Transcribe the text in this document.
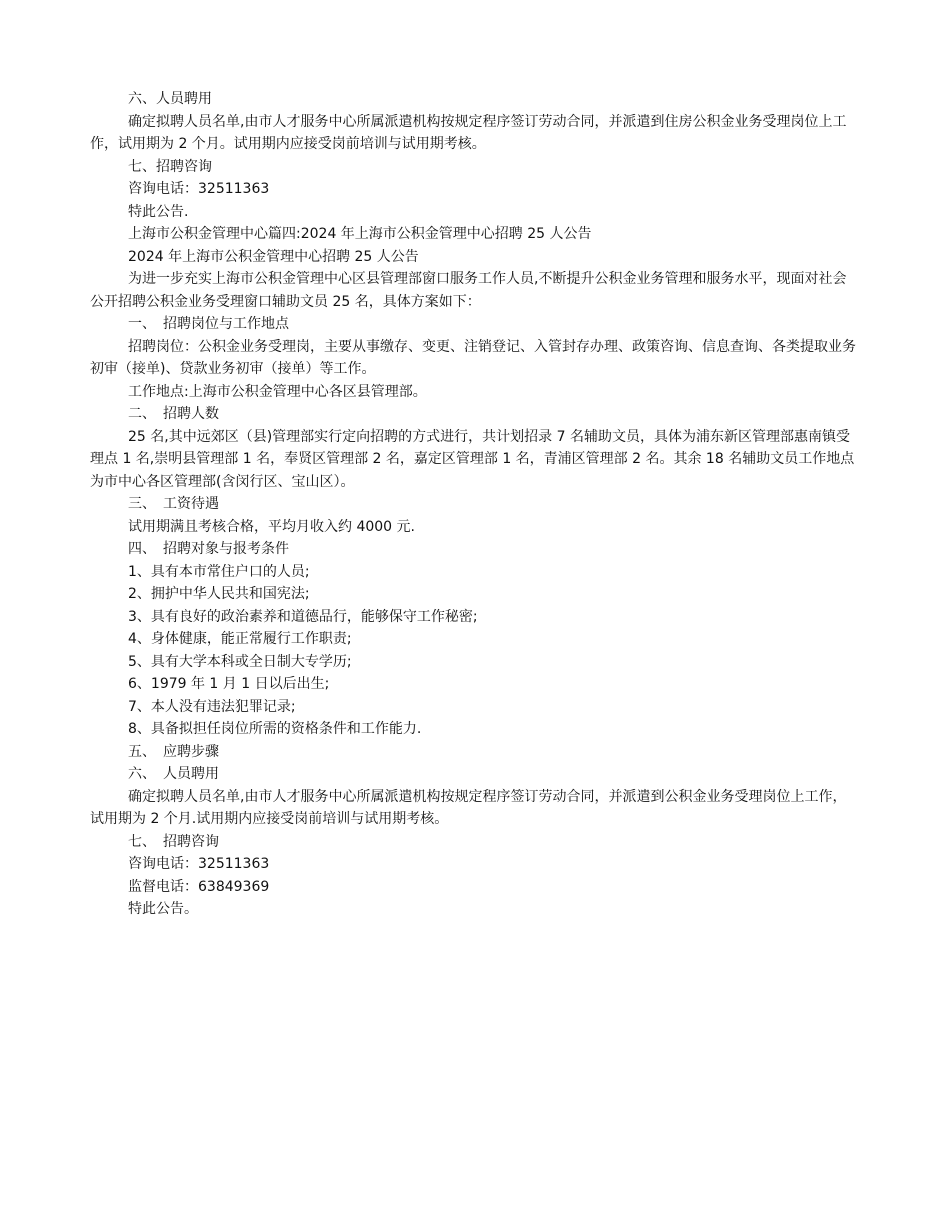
六、人员聘用

确定拟聘人员名单,由市人才服务中心所属派遣机构按规定程序签订劳动合同，并派遣到住房公积金业务受理岗位上工作，试用期为 2 个月。试用期内应接受岗前培训与试用期考核。

七、招聘咨询

咨询电话：32511363

特此公告.

上海市公积金管理中心篇四:2024 年上海市公积金管理中心招聘 25 人公告

2024 年上海市公积金管理中心招聘 25 人公告

为进一步充实上海市公积金管理中心区县管理部窗口服务工作人员,不断提升公积金业务管理和服务水平，现面对社会公开招聘公积金业务受理窗口辅助文员 25 名，具体方案如下：

一、　招聘岗位与工作地点

招聘岗位：公积金业务受理岗，主要从事缴存、变更、注销登记、入管封存办理、政策咨询、信息查询、各类提取业务初审（接单)、贷款业务初审（接单）等工作。

工作地点:上海市公积金管理中心各区县管理部。

二、　招聘人数

25 名,其中远郊区（县)管理部实行定向招聘的方式进行，共计划招录 7 名辅助文员，具体为浦东新区管理部惠南镇受理点 1 名,崇明县管理部 1 名，奉贤区管理部 2 名，嘉定区管理部 1 名，青浦区管理部 2 名。其余 18 名辅助文员工作地点为市中心各区管理部(含闵行区、宝山区）。

三、　工资待遇

试用期满且考核合格，平均月收入约 4000 元.

四、　招聘对象与报考条件

1、具有本市常住户口的人员;

2、拥护中华人民共和国宪法;

3、具有良好的政治素养和道德品行，能够保守工作秘密;

4、身体健康，能正常履行工作职责;

5、具有大学本科或全日制大专学历;

6、1979 年 1 月 1 日以后出生;

7、本人没有违法犯罪记录;

8、具备拟担任岗位所需的资格条件和工作能力.

五、　应聘步骤

六、　人员聘用

确定拟聘人员名单,由市人才服务中心所属派遣机构按规定程序签订劳动合同，并派遣到公积金业务受理岗位上工作，试用期为 2 个月.试用期内应接受岗前培训与试用期考核。

七、　招聘咨询

咨询电话：32511363

监督电话：63849369

特此公告。
